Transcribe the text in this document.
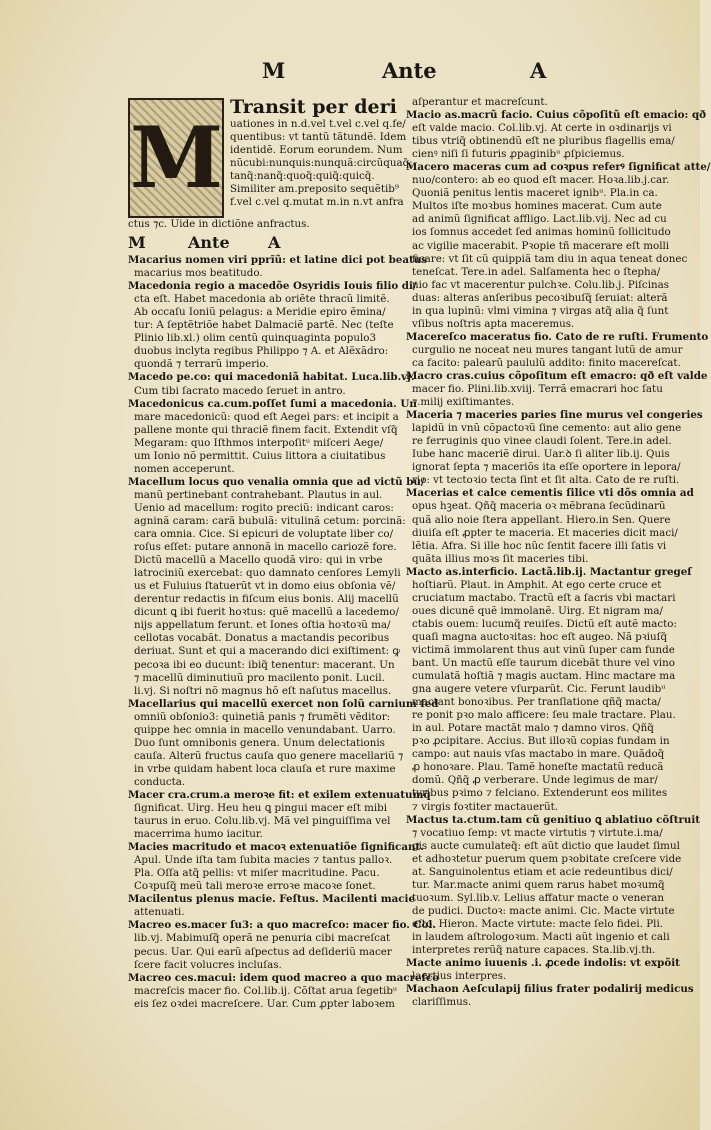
M	Ante	A
M
Transit per deri
uationes in n.d.vel t.vel c.vel q.fe/
quentibus: vt tantũ tãtundẽ. Idem
identidẽ. Eorum eorundem. Num
nũcubi:nunquis:nunquã:circũquaq̃:
tanq̃:nanq̃:quoq̃:quiq̃:quicq̃.
Similiter am.preposito sequẽtib⁹
f.vel c.vel q.mutat m.in n.vt anfra
ctus ⁊c. Uide in dictiõne anfractus.
M	Ante A
Macarius nomen viri pprĩũ: et latine dici pot beatus
macarius mos beatitudo.
Macedonia regio a macedõe Osyridis Iouis filio di/
cta eſt. Habet macedonia ab oriẽte thracũ limitẽ.
Ab occaſu Ioniũ pelagus: a Meridie epiro ẽmina/
tur: A ſeptẽtriõe habet Dalmaciẽ partẽ. Nec (teſte
Plinio lib.xl.) olim centũ quinquaginta populo3
duobus inclyta regibus Philippo ⁊ A. et Alẽxãdro:
quondã ⁊ terrarũ imperio.
Macedo pe.co: qui macedoniã habitat. Luca.lib.vj.
Cum tibi ſacrato macedo ſeruet in antro.
Macedonicus ca.cum.poſſet ſumi a macedonia. Un
mare macedonicũ: quod eſt Aegei pars: et incipit a
pallene monte qui thraciẽ finem facit. Extendit vſq̃
Megaram: quo Iſthmos interpoſitᵘ miſceri Aege/
um Ionio nõ permittit. Cuius littora a ciuitatibus
nomen acceperunt.
Macellum locus quo venalia omnia que ad victũ bu/
manũ pertinebant contrahebant. Plautus in aul.
Uenio ad macellum: rogito preciũ: indicant caros:
agninã caram: carã bubulã: vitulinã cetum: porcinã:
cara omnia. Cice. Si epicuri de voluptate liber co/
roſus eſſet: putare annonã in macello cariozẽ fore.
Dictũ macellũ a Macello quodã viro: qui in vrbe
latrociniũ exercebat: quo damnato cenſores Lemyli
us et Fuluius ſtatuerũt vt in domo eius obſonia vẽ/
derentur redactis in fiſcum eius bonis. Alij macellũ
dicunt ꝗ ibi fuerit hoꝛtus: quẽ macellũ a lacedemo/
nijs appellatum ferunt. et Iones oſtia hoꝛtoꝛũ ma/
cellotas vocabãt. Donatus a mactandis pecoribus
deriuat. Sunt et qui a macerando dici exiſtiment: ꝙ
pecoꝛa ibi eo ducunt: ibiq̃ tenentur: macerant. Un
⁊ macellũ diminutiuũ pro macilento ponit. Lucil.
li.vj. Si noſtri nõ magnus hõ eſt naſutus macellus.
Macellarius qui macellũ exercet non ſolũ carnium ſed
omniũ obſonio3: quinetiã panis ⁊ frumẽti vẽditor:
quippe hec omnia in macello venundabant. Uarro.
Duo ſunt omnibonis genera. Unum delectationis
cauſa. Alterũ fructus cauſa quo genere macellariũ ⁊
in vrbe quidam habent loca clauſa et rure maxime
conducta.
Macer cra.crum.a meroꝛe fit: et exilem extenuatumq̃
ſignificat. Uirg. Heu heu ꝗ pingui macer eſt mibi
taurus in eruo. Colu.lib.vj. Mã vel pinguiſſima vel
macerrima humo iacitur.
Macies macritudo et macoꝛ extenuatiõe ſignificant.
Apul. Unde iſta tam ſubita macies ⁊ tantus palloꝛ.
Pla. Oſſa atq̃ pellis: vt miſer macritudine. Pacu.
Coꝛpuſq̃ meũ tali meroꝛe erroꝛe macoꝛe ſonet.
Macilentus plenus macie. Feſtus. Macilenti macie
attenuati.
Macreo es.macer ſu3: a quo macreſco: macer fio. Col.
lib.vj. Mabimuſq̃ operã ne penuria cibi macreſcat
pecus. Uar. Qui earũ aſpectus ad deſideriũ macer
ſcere facit volucres incluſas.
Macreo ces.macui: idem quod macreo a quo macreſco
macreſcis macer fio. Col.lib.ij. Cõſtat arua ſegetibᵘ
eis ſez oꝛdei macreſcere. Uar. Cum ꝓpter laboꝛem
aſperantur et macreſcunt.
Macio as.macrũ facio. Cuius cõpoſitũ eſt emacio: qð
eſt valde macio. Col.lib.vj. At certe in oꝛdinarijs vi
tibus vtriq̃ obtinendũ eſt ne pluribus flagellis ema/
cienꝰ niſi ſi futuris ꝓpaginibᵘ ꝓſpiciemus.
Macero maceras cum ad coꝛpus referꝰ ſignificat atte/
nuo/contero: ab eo quod eſt macer. Hoꝛa.lib.j.car.
Quoniã penitus lentis maceret ignibᵘ. Pla.in ca.
Multos iſte moꝛbus homines macerat. Cum aute
ad animũ ſignificat affligo. Lact.lib.vij. Nec ad cu
ios ſomnus accedet ſed animas hominũ ſollicitudo
ac vigilie macerabit. Pꝛopie tñ macerare eſt molli
ficare: vt ſit cũ quippiã tam diu in aqua teneat donec
teneſcat. Tere.in adel. Salſamenta hec o ſtepha/
nio fac vt macerentur pulchꝛe. Colu.lib.j. Piſcinas
duas: alteras anſeribus pecoꝛibuſq̃ ſeruiat: alterã
in qua lupinũ: vlmi vimina ⁊ virgas atq̃ alia q̃ ſunt
vſibus noſtris apta maceremus.
Macereſco maceratus fio. Cato de re ruſti. Frumento
curgulio ne noceat neu mures tangant lutũ de amur
ca facito: palearũ paululũ addito: finito macereſcat.
Macro cras.cuius cõpoſitum eſt emacro: qð eſt valde
macer fio. Plini.lib.xviij. Terrã emacrari hoc ſatu
⁊.milij exiſtimantes.
Maceria ⁊ maceries paries ſine murus vel congeries
lapidũ in vnũ cõpactoꝛũ ſine cemento: aut alio gene
re ferruginis quo vinee claudi ſolent. Tere.in adel.
Iube hanc maceriẽ dirui. Uar.ꝺ ſi aliter lib.ij. Quis
ignorat ſepta ⁊ maceriõs ita eſſe oportere in lepora/
rio: vt tectoꝛio tecta ſint et ſit alta. Cato de re ruſti.
Macerias et calce cementis ſilice vti dõs omnia ad
opus hꝫeat. Qñq̃ maceria oꝛ mẽbrana ſecũdinarũ
quã alio noie ſtera appellant. Hiero.in Sen. Quere
diuiſa eſt ꝓpter te maceria. Et maceries dicit maci/
lẽtia. Afra. Si ille hoc nũc ſentit facere illi ſatis vi
quãta illius moꝛs ſit maceries tibi.
Macto as.interficio. Lactã.lib.ij. Mactantur gregeſ
hoſtiarũ. Plaut. in Amphit. At ego certe cruce et
cruciatum mactabo. Tractũ eſt a ſacris vbi mactari
oues dicunẽ quẽ immolanẽ. Uirg. Et nigram ma/
ctabis ouem: lucumq̃ reuiſes. Dictũ eſt autẽ macto:
quaſi magna auctoꝛitas: hoc eſt augeo. Nã pꝛiuſq̃
victimã immolarent thus aut vinũ ſuper cam funde
bant. Un mactũ eſſe taurum dicebãt thure vel vino
cumulatã hoſtiã ⁊ magis auctam. Hinc mactare ma
gna augere vetere vſurparũt. Cic. Ferunt laudibᵘ
mactant bonoꝛibus. Per tranſlatione qñq̃ macta/
re ponit pꝛo malo afficere: ſeu male tractare. Plau.
in aul. Potare mactãt malo ⁊ damno viros. Qñq̃
pꝛo ꝓcipitare. Accius. But illoꝛũ copias fundam in
campo: aut nauis vſas mactabo in mare. Quãdoq̃
ꝓ honoꝛare. Plau. Tamẽ honeſte mactatũ reducã
domũ. Qñq̃ ꝓ verberare. Unde legimus de mar/
tyribus pꝛimo ⁊ felciano. Extenderunt eos milites
⁊ virgis foꝛtiter mactauerũt.
Mactus ta.ctum.tam cũ genitiuo ꝗ ablatiuo cõſtruit
⁊ vocatiuo ſemp: vt macte virtutis ⁊ virtute.i.ma/
gis aucte cumulateq̃: eſt aũt dictio que laudet ſimul
et adhoꝛtetur puerum quem pꝛobitate creſcere vide
at. Sanguinolentus etiam et acie redeuntibus dici/
tur. Mar.macte animi quem rarus habet moꝛumq̃
tuoꝛum. Syl.lib.v. Lelius affatur macte o veneran
de pudici. Ductoꝛ: macte animi. Cic. Macte virtute
eſto. Hieron. Macte virtute: macte ſelo fidei. Pli.
in laudem aſtrologoꝛum. Macti aũt ingenio et cali
interpretes rerũq̃ nature capaces. Sta.lib.vj.th.
Macte animo iuuenis .i. ꝓcede indolis: vt expõit
laertius interpres.
Machaon Aeſculapij filius frater podalirij medicus
clariſſimus.
